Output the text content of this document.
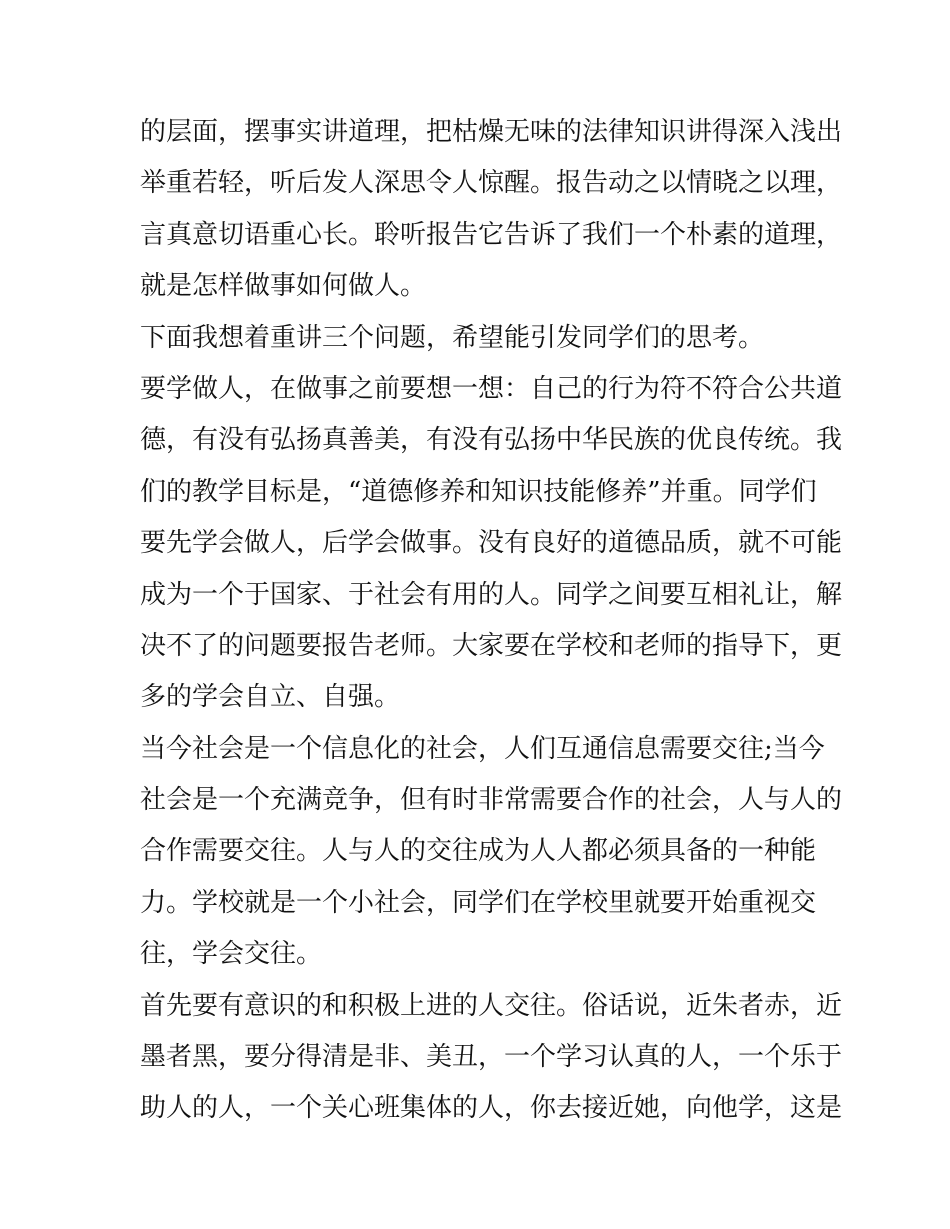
的层面，摆事实讲道理，把枯燥无味的法律知识讲得深入浅出
举重若轻，听后发人深思令人惊醒。报告动之以情晓之以理，
言真意切语重心长。聆听报告它告诉了我们一个朴素的道理，
就是怎样做事如何做人。
下面我想着重讲三个问题，希望能引发同学们的思考。
要学做人，在做事之前要想一想：自己的行为符不符合公共道
德，有没有弘扬真善美，有没有弘扬中华民族的优良传统。我
们的教学目标是，“道德修养和知识技能修养”并重。同学们
要先学会做人，后学会做事。没有良好的道德品质，就不可能
成为一个于国家、于社会有用的人。同学之间要互相礼让，解
决不了的问题要报告老师。大家要在学校和老师的指导下，更
多的学会自立、自强。
当今社会是一个信息化的社会，人们互通信息需要交往;当今
社会是一个充满竞争，但有时非常需要合作的社会，人与人的
合作需要交往。人与人的交往成为人人都必须具备的一种能
力。学校就是一个小社会，同学们在学校里就要开始重视交
往，学会交往。
首先要有意识的和积极上进的人交往。俗话说，近朱者赤，近
墨者黑，要分得清是非、美丑，一个学习认真的人，一个乐于
助人的人，一个关心班集体的人，你去接近她，向他学，这是
